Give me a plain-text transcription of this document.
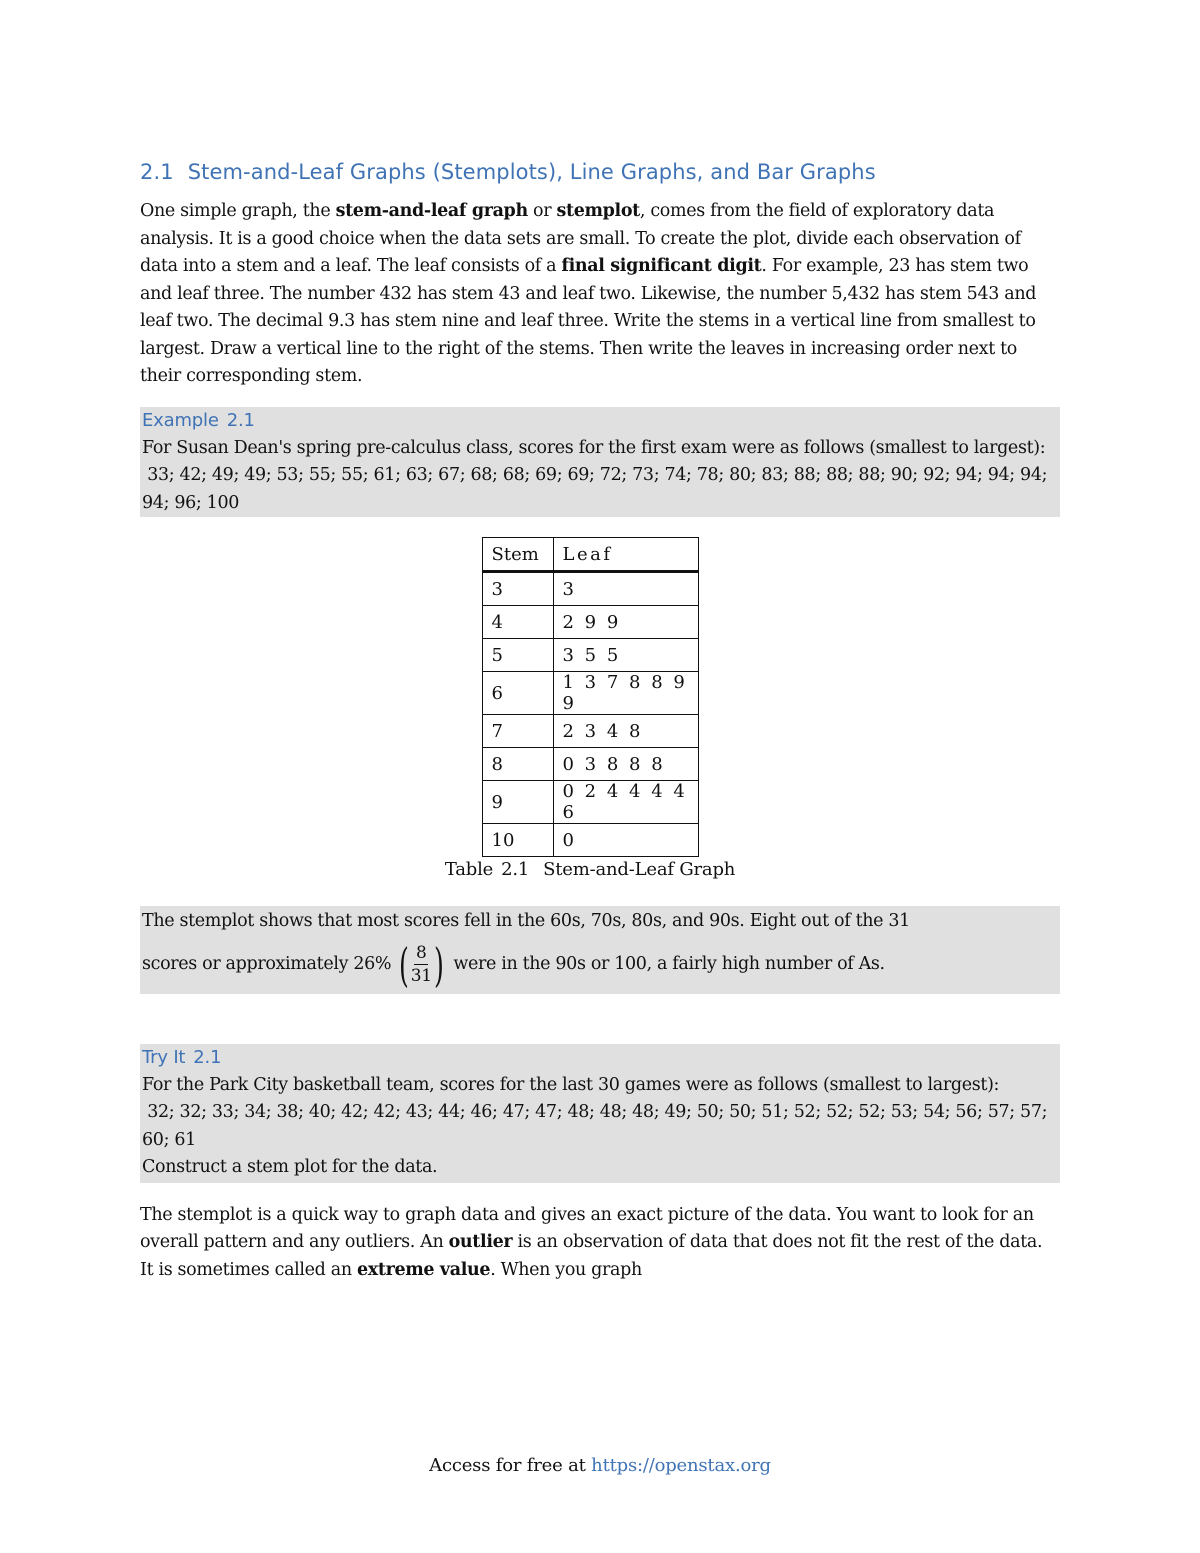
2.1 Stem-and-Leaf Graphs (Stemplots), Line Graphs, and Bar Graphs

One simple graph, the stem-and-leaf graph or stemplot, comes from the field of exploratory data analysis. It is a good choice when the data sets are small. To create the plot, divide each observation of data into a stem and a leaf. The leaf consists of a final significant digit. For example, 23 has stem two and leaf three. The number 432 has stem 43 and leaf two. Likewise, the number 5,432 has stem 543 and leaf two. The decimal 9.3 has stem nine and leaf three. Write the stems in a vertical line from smallest to largest. Draw a vertical line to the right of the stems. Then write the leaves in increasing order next to their corresponding stem.

Example 2.1
For Susan Dean's spring pre-calculus class, scores for the first exam were as follows (smallest to largest):
33; 42; 49; 49; 53; 55; 55; 61; 63; 67; 68; 68; 69; 69; 72; 73; 74; 78; 80; 83; 88; 88; 88; 90; 92; 94; 94; 94; 94; 96; 100
Stem	Leaf
3	3
4	2 9 9
5	3 5 5
6	1 3 7 8 8 9 9
7	2 3 4 8
8	0 3 8 8 8
9	0 2 4 4 4 4 6
10	0
Table 2.1 Stem-and-Leaf Graph
The stemplot shows that most scores fell in the 60s, 70s, 80s, and 90s. Eight out of the 31
scores or approximately 26% ( $\frac{8}{31}$ ) were in the 90s or 100, a fairly high number of As.
Try It 2.1
For the Park City basketball team, scores for the last 30 games were as follows (smallest to largest):
32; 32; 33; 34; 38; 40; 42; 42; 43; 44; 46; 47; 47; 48; 48; 48; 49; 50; 50; 51; 52; 52; 52; 53; 54; 56; 57; 57; 60; 61
Construct a stem plot for the data.

The stemplot is a quick way to graph data and gives an exact picture of the data. You want to look for an overall pattern and any outliers. An outlier is an observation of data that does not fit the rest of the data. It is sometimes called an extreme value. When you graph

Access for free at https://openstax.org
